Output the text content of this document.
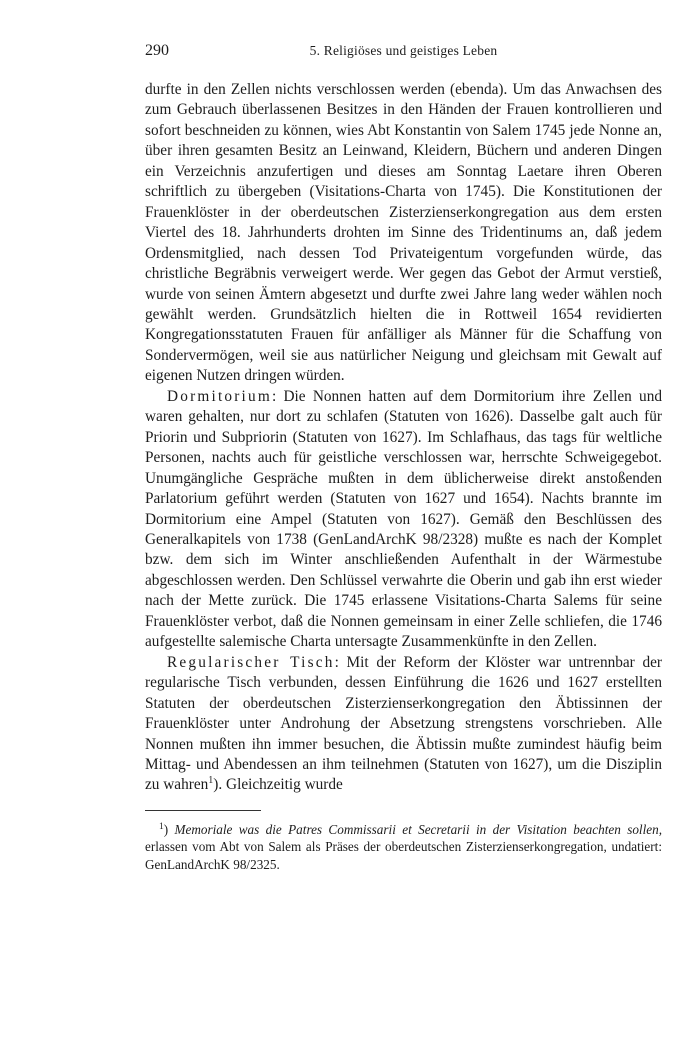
290	5. Religiöses und geistiges Leben

durfte in den Zellen nichts verschlossen werden (ebenda). Um das Anwachsen des zum Gebrauch überlassenen Besitzes in den Händen der Frauen kontrollieren und sofort beschneiden zu können, wies Abt Konstantin von Salem 1745 jede Nonne an, über ihren gesamten Besitz an Leinwand, Kleidern, Büchern und anderen Dingen ein Verzeichnis anzufertigen und dieses am Sonntag Laetare ihren Oberen schriftlich zu übergeben (Visitations-Charta von 1745). Die Konstitutionen der Frauenklöster in der oberdeutschen Zisterzienserkongregation aus dem ersten Viertel des 18. Jahrhunderts drohten im Sinne des Tridentinums an, daß jedem Ordensmitglied, nach dessen Tod Privateigentum vorgefunden würde, das christliche Begräbnis verweigert werde. Wer gegen das Gebot der Armut verstieß, wurde von seinen Ämtern abgesetzt und durfte zwei Jahre lang weder wählen noch gewählt werden. Grundsätzlich hielten die in Rottweil 1654 revidierten Kongregationsstatuten Frauen für anfälliger als Männer für die Schaffung von Sondervermögen, weil sie aus natürlicher Neigung und gleichsam mit Gewalt auf eigenen Nutzen dringen würden.

Dormitorium: Die Nonnen hatten auf dem Dormitorium ihre Zellen und waren gehalten, nur dort zu schlafen (Statuten von 1626). Dasselbe galt auch für Priorin und Subpriorin (Statuten von 1627). Im Schlafhaus, das tags für weltliche Personen, nachts auch für geistliche verschlossen war, herrschte Schweigegebot. Unumgängliche Gespräche mußten in dem üblicherweise direkt anstoßenden Parlatorium geführt werden (Statuten von 1627 und 1654). Nachts brannte im Dormitorium eine Ampel (Statuten von 1627). Gemäß den Beschlüssen des Generalkapitels von 1738 (GenLandArchK 98/2328) mußte es nach der Komplet bzw. dem sich im Winter anschließenden Aufenthalt in der Wärmestube abgeschlossen werden. Den Schlüssel verwahrte die Oberin und gab ihn erst wieder nach der Mette zurück. Die 1745 erlassene Visitations-Charta Salems für seine Frauenklöster verbot, daß die Nonnen gemeinsam in einer Zelle schliefen, die 1746 aufgestellte salemische Charta untersagte Zusammenkünfte in den Zellen.

Regularischer Tisch: Mit der Reform der Klöster war untrennbar der regularische Tisch verbunden, dessen Einführung die 1626 und 1627 erstellten Statuten der oberdeutschen Zisterzienserkongregation den Äbtissinnen der Frauenklöster unter Androhung der Absetzung strengstens vorschrieben. Alle Nonnen mußten ihn immer besuchen, die Äbtissin mußte zumindest häufig beim Mittag- und Abendessen an ihm teilnehmen (Statuten von 1627), um die Disziplin zu wahren$^1$). Gleichzeitig wurde

$^1$) Memoriale was die Patres Commissarii et Secretarii in der Visitation beachten sollen, erlassen vom Abt von Salem als Präses der oberdeutschen Zisterzienserkongregation, undatiert: GenLandArchK 98/2325.
